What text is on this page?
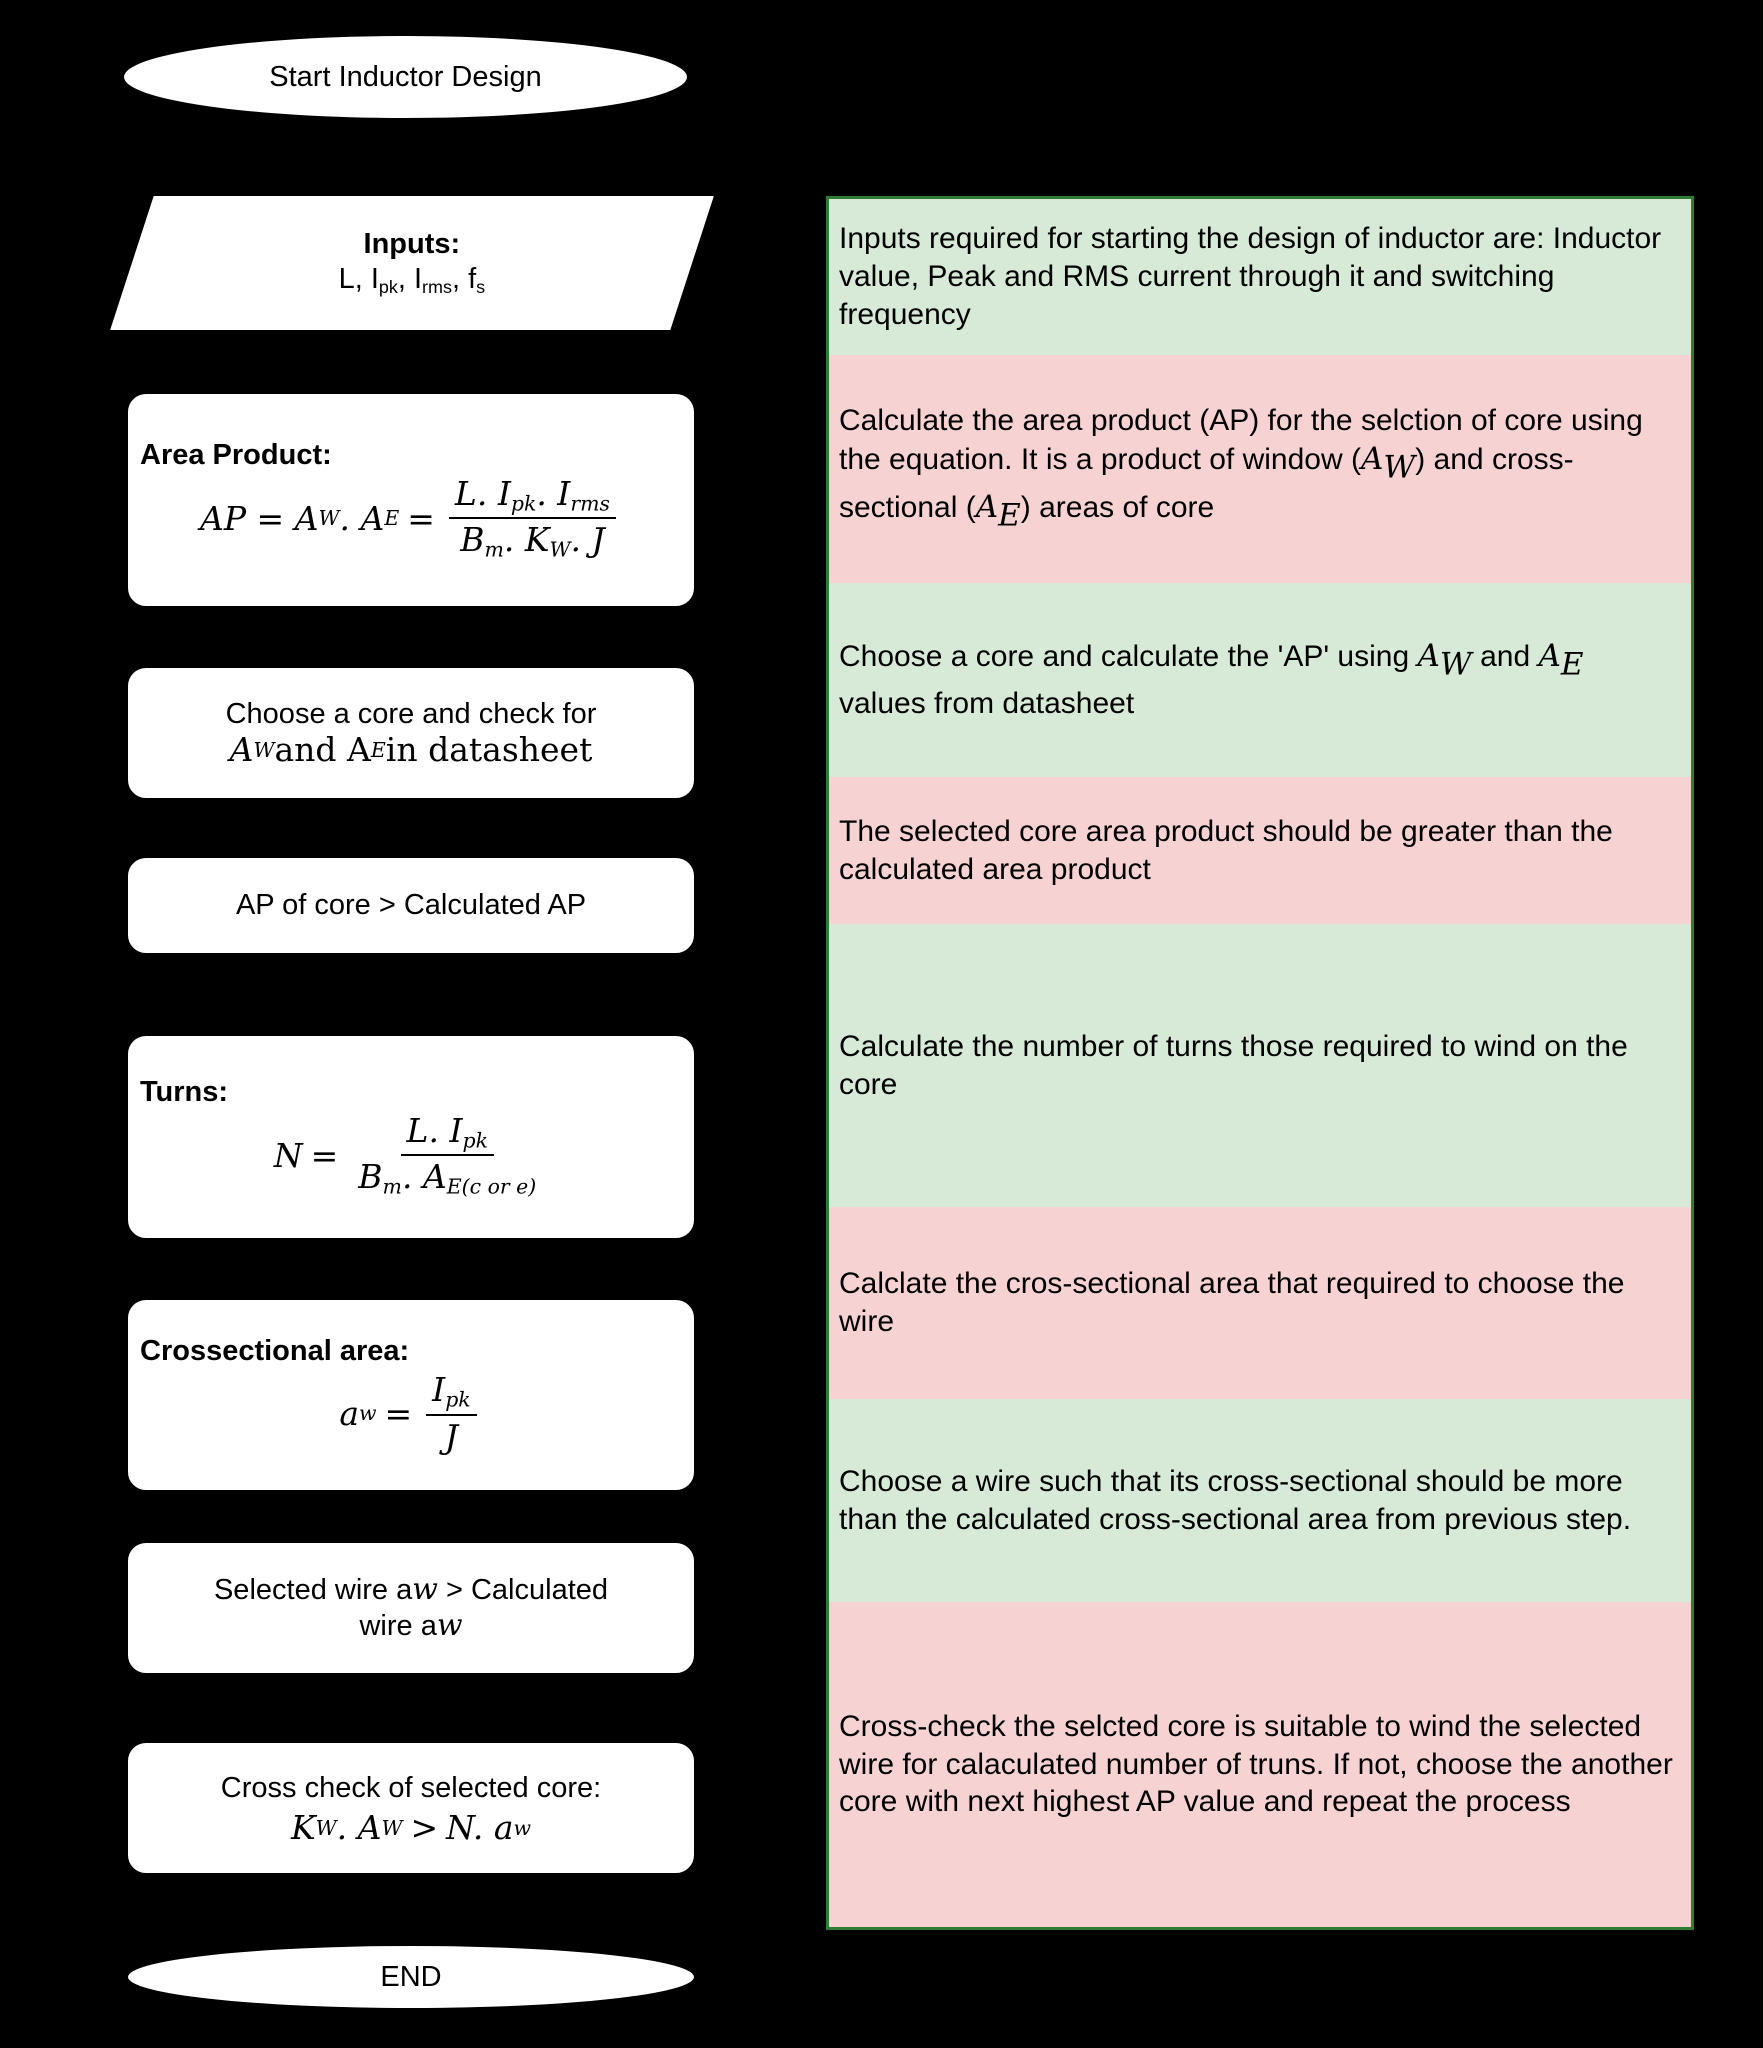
Start Inductor Design
Inputs:
L, $I_{pk}$, $I_{rms}$, $f_s$
Area Product:
AP = A W . A $E = \frac{L. I_{pk}. I_{rms}}{B_m. K_W. J}$
Choose a core and check for
A W and A E in datasheet
AP of core > Calculated AP
Turns:
$N = \frac{L. I_{pk}}{B_m. A_{E(c or e)}}$
Crossectional area:
a $w = \frac{I_{pk}}{J}$
Selected wire aw > Calculated
wire aw
Cross check of selected core:
K W . A W > N. a w
END
Inputs required for starting the design of inductor are: Inductor value, Peak and RMS current through it and switching frequency
Calculate the area product (AP) for the selction of core using the equation. It is a product of window (AW) and cross-sectional (AE) areas of core
Choose a core and calculate the 'AP' using AW and AE values from datasheet
The selected core area product should be greater than the calculated area product
Calculate the number of turns those required to wind on the core
Calclate the cros-sectional area that required to choose the wire
Choose a wire such that its cross-sectional should be more than the calculated cross-sectional area from previous step.
Cross-check the selcted core is suitable to wind the selected wire for calaculated number of truns. If not, choose the another core with next highest AP value and repeat the process
